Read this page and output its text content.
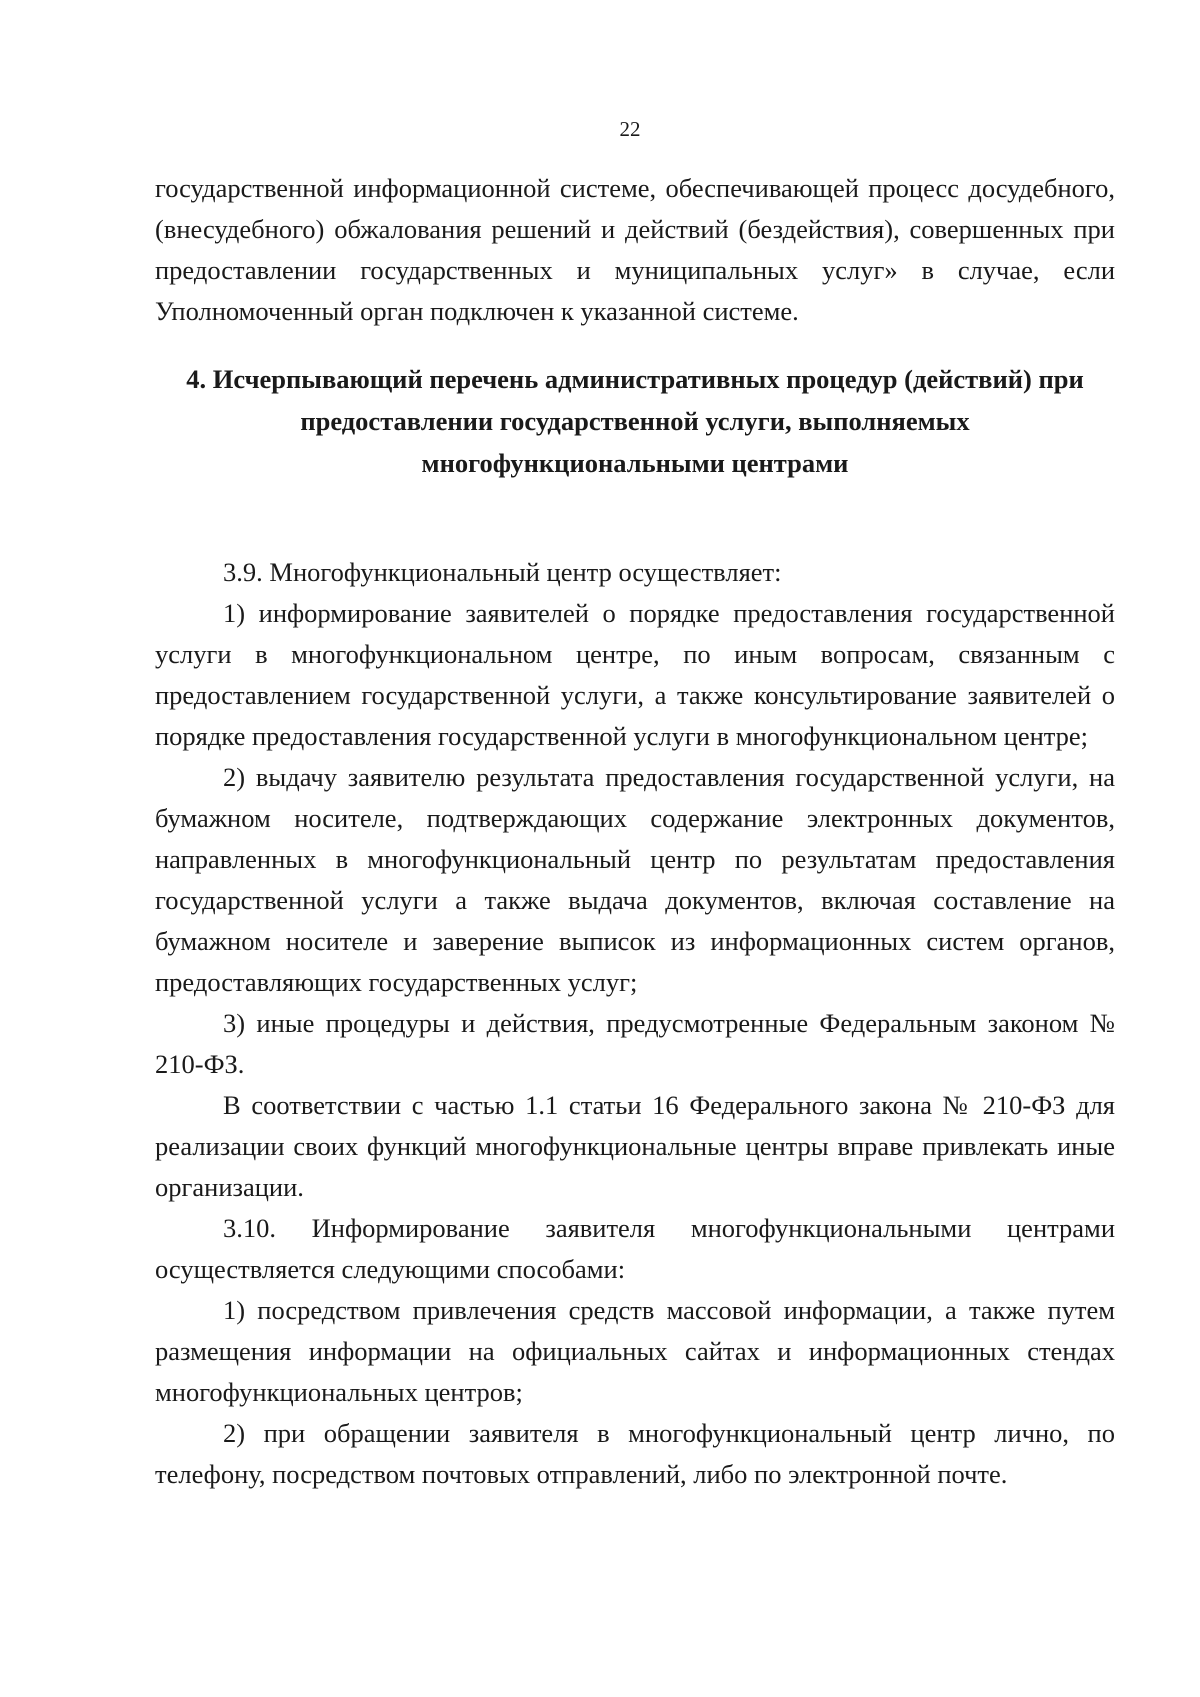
22

государственной информационной системе, обеспечивающей процесс досудебного, (внесудебного) обжалования решений и действий (бездействия), совершенных при предоставлении государственных и муниципальных услуг» в случае, если Уполномоченный орган подключен к указанной системе.

4. Исчерпывающий перечень административных процедур (действий) при
предоставлении государственной услуги, выполняемых
многофункциональными центрами

3.9. Многофункциональный центр осуществляет:

1) информирование заявителей о порядке предоставления государственной услуги в многофункциональном центре, по иным вопросам, связанным с предоставлением государственной услуги, а также консультирование заявителей о порядке предоставления государственной услуги в многофункциональном центре;

2) выдачу заявителю результата предоставления государственной услуги, на бумажном носителе, подтверждающих содержание электронных документов, направленных в многофункциональный центр по результатам предоставления государственной услуги а также выдача документов, включая составление на бумажном носителе и заверение выписок из информационных систем органов, предоставляющих государственных услуг;

3) иные процедуры и действия, предусмотренные Федеральным законом № 210-ФЗ.

В соответствии с частью 1.1 статьи 16 Федерального закона № 210-ФЗ для реализации своих функций многофункциональные центры вправе привлекать иные организации.

3.10. Информирование заявителя многофункциональными центрами осуществляется следующими способами:

1) посредством привлечения средств массовой информации, а также путем размещения информации на официальных сайтах и информационных стендах многофункциональных центров;

2) при обращении заявителя в многофункциональный центр лично, по телефону, посредством почтовых отправлений, либо по электронной почте.
